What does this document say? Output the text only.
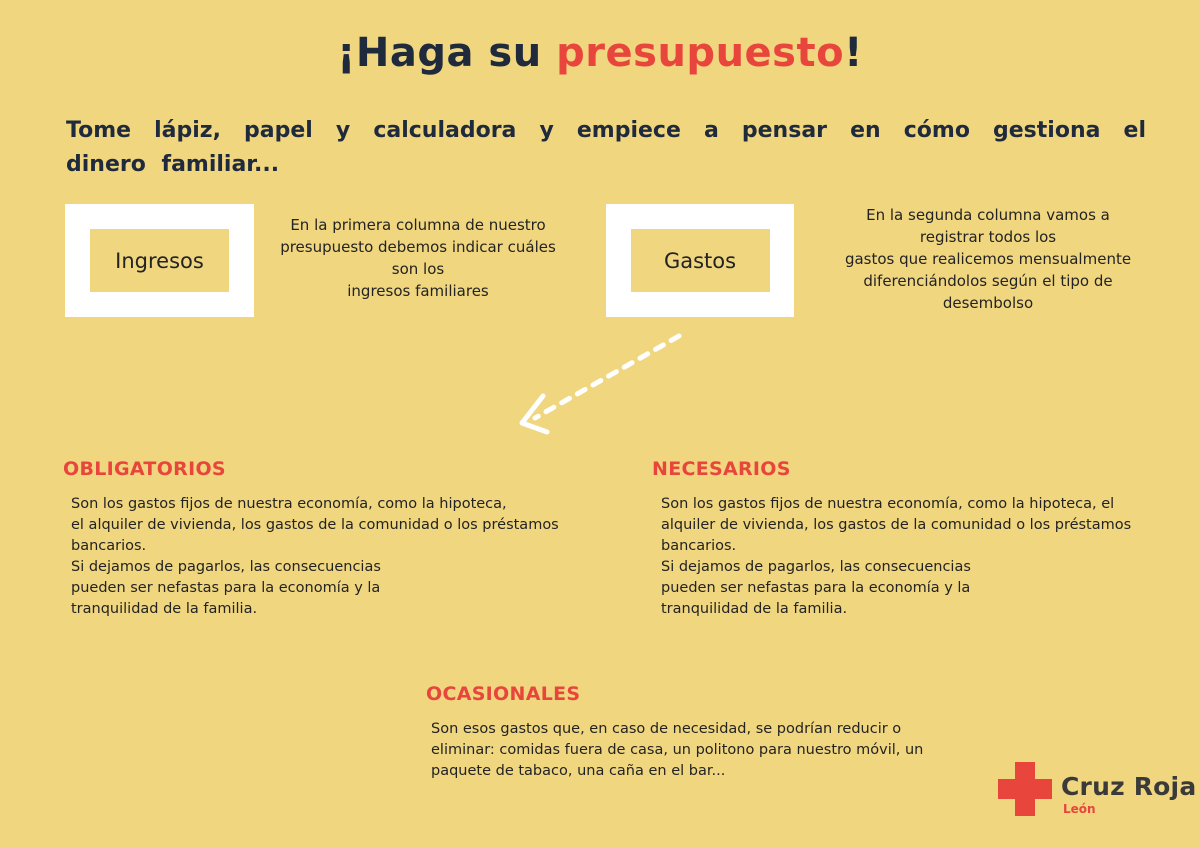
¡Haga su presupuesto!
Tome lápiz, papel y calculadora y empiece a pensar en cómo gestiona el dinero familiar...
Ingresos
En la primera columna de nuestro
presupuesto debemos indicar cuáles
son los
ingresos familiares
Gastos
En la segunda columna vamos a
registrar todos los
gastos que realicemos mensualmente
diferenciándolos según el tipo de
desembolso
OBLIGATORIOS
Son los gastos fijos de nuestra economía, como la hipoteca,
el alquiler de vivienda, los gastos de la comunidad o los préstamos
bancarios.
Si dejamos de pagarlos, las consecuencias
pueden ser nefastas para la economía y la
tranquilidad de la familia.
NECESARIOS
Son los gastos fijos de nuestra economía, como la hipoteca, el
alquiler de vivienda, los gastos de la comunidad o los préstamos
bancarios.
Si dejamos de pagarlos, las consecuencias
pueden ser nefastas para la economía y la
tranquilidad de la familia.
OCASIONALES
Son esos gastos que, en caso de necesidad, se podrían reducir o
eliminar: comidas fuera de casa, un politono para nuestro móvil, un
paquete de tabaco, una caña en el bar...
Cruz Roja
León
